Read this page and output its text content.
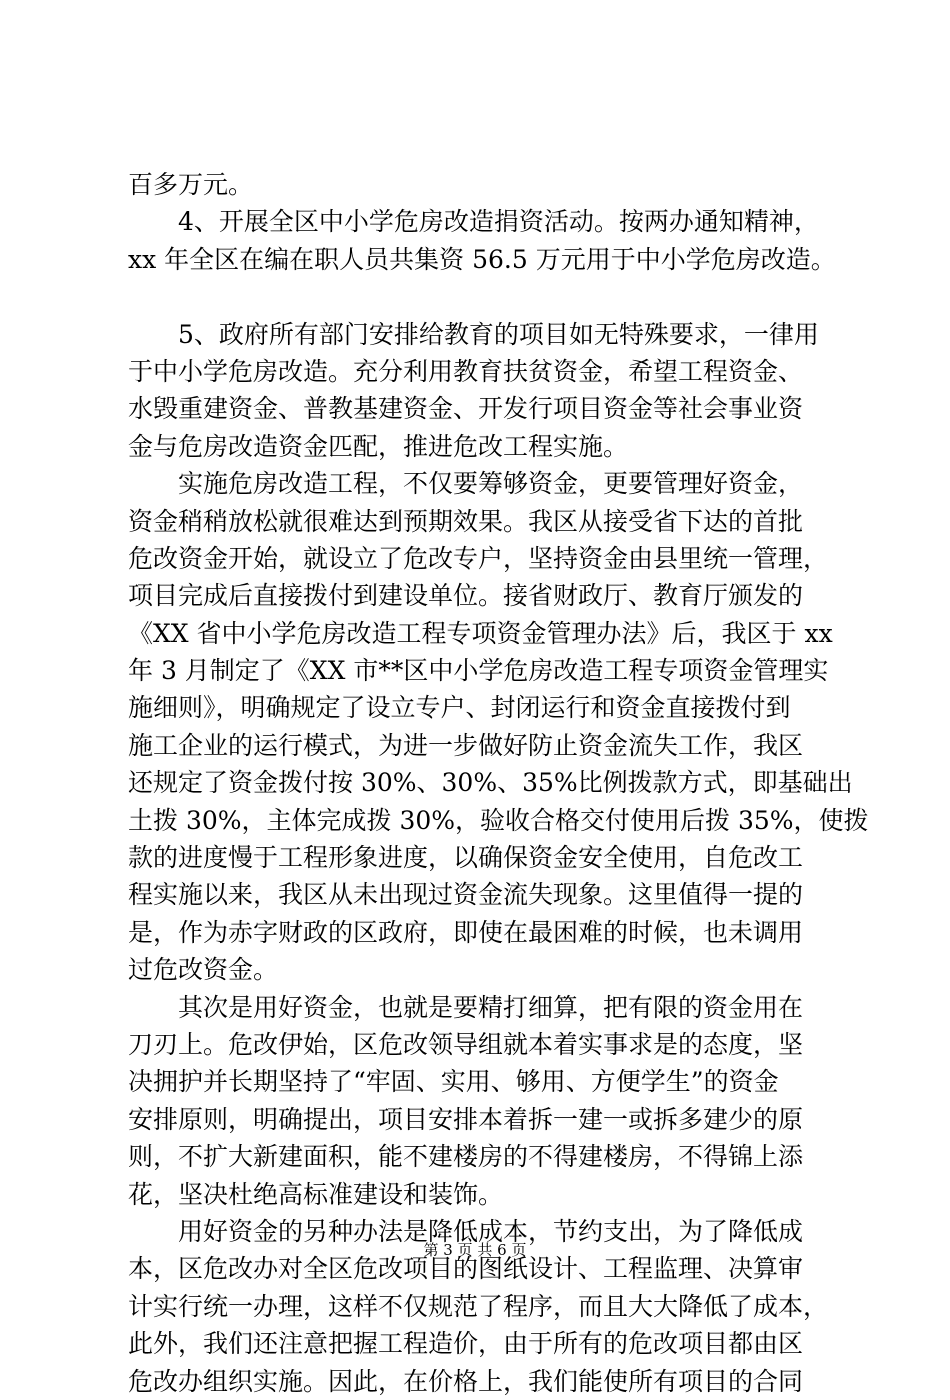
百多万元。
4、开展全区中小学危房改造捐资活动。按两办通知精神，
xx 年全区在编在职人员共集资 56.5 万元用于中小学危房改造。
5、政府所有部门安排给教育的项目如无特殊要求，一律用
于中小学危房改造。充分利用教育扶贫资金，希望工程资金、
水毁重建资金、普教基建资金、开发行项目资金等社会事业资
金与危房改造资金匹配，推进危改工程实施。
实施危房改造工程，不仅要筹够资金，更要管理好资金，
资金稍稍放松就很难达到预期效果。我区从接受省下达的首批
危改资金开始，就设立了危改专户，坚持资金由县里统一管理，
项目完成后直接拨付到建设单位。接省财政厅、教育厅颁发的
《XX 省中小学危房改造工程专项资金管理办法》后，我区于 xx
年 3 月制定了《XX 市**区中小学危房改造工程专项资金管理实
施细则》，明确规定了设立专户、封闭运行和资金直接拨付到
施工企业的运行模式，为进一步做好防止资金流失工作，我区
还规定了资金拨付按 30%、30%、35%比例拨款方式，即基础出
土拨 30%，主体完成拨 30%，验收合格交付使用后拨 35%，使拨
款的进度慢于工程形象进度，以确保资金安全使用，自危改工
程实施以来，我区从未出现过资金流失现象。这里值得一提的
是，作为赤字财政的区政府，即使在最困难的时候，也未调用
过危改资金。
其次是用好资金，也就是要精打细算，把有限的资金用在
刀刃上。危改伊始，区危改领导组就本着实事求是的态度，坚
决拥护并长期坚持了“牢固、实用、够用、方便学生”的资金
安排原则，明确提出，项目安排本着拆一建一或拆多建少的原
则，不扩大新建面积，能不建楼房的不得建楼房，不得锦上添
花，坚决杜绝高标准建设和装饰。
用好资金的另种办法是降低成本，节约支出，为了降低成
本，区危改办对全区危改项目的图纸设计、工程监理、决算审
计实行统一办理，这样不仅规范了程序，而且大大降低了成本，
此外，我们还注意把握工程造价，由于所有的危改项目都由区
危改办组织实施。因此，在价格上，我们能使所有项目的合同
第 3 页 共 6 页
